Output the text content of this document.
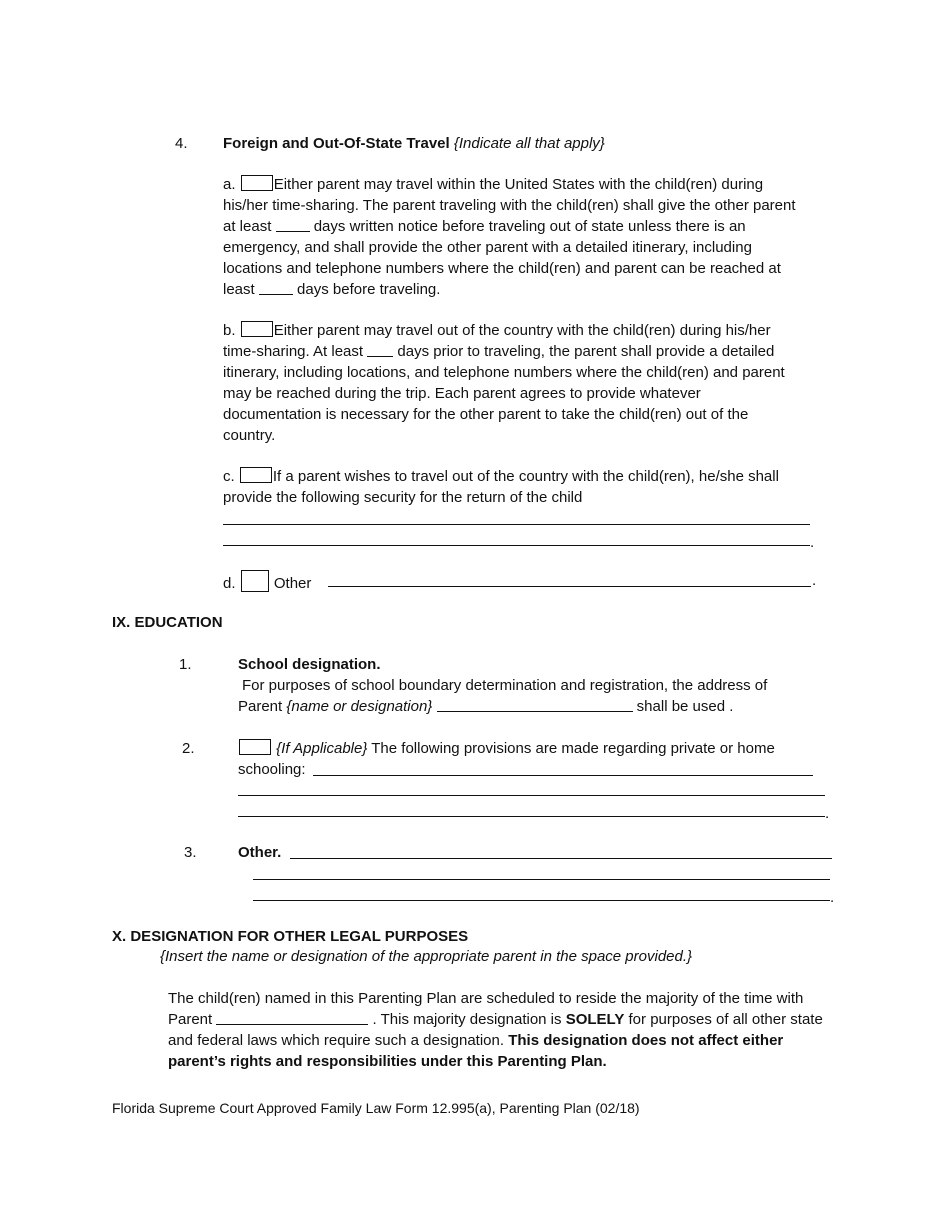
4. Foreign and Out-Of-State Travel {Indicate all that apply}
a.	Either parent may travel within the United States with the child(ren) during
his/her time-sharing. The parent traveling with the child(ren) shall give the other parent
at least	days written notice before traveling out of state unless there is an
emergency, and shall provide the other parent with a detailed itinerary, including
locations and telephone numbers where the child(ren) and parent can be reached at
least	days before traveling.
b.	Either parent may travel out of the country with the child(ren) during his/her
time-sharing. At least days prior to traveling, the parent shall provide a detailed
itinerary, including locations, and telephone numbers where the child(ren) and parent
may be reached during the trip. Each parent agrees to provide whatever
documentation is necessary for the other parent to take the child(ren) out of the
country.
c.	If a parent wishes to travel out of the country with the child(ren), he/she shall
provide the following security for the return of the child
.
d.	Other	.
IX. EDUCATION
1.	School designation.
For purposes of school boundary determination and registration, the address of
Parent {name or designation}	shall be used .
2.	{If Applicable} The following provisions are made regarding private or home
schooling:
.
3.	Other.
.
X. DESIGNATION FOR OTHER LEGAL PURPOSES
{Insert the name or designation of the appropriate parent in the space provided.}
The child(ren) named in this Parenting Plan are scheduled to reside the majority of the time with
Parent	. This majority designation is SOLELY for purposes of all other state
and federal laws which require such a designation. This designation does not affect either
parent’s rights and responsibilities under this Parenting Plan.
Florida Supreme Court Approved Family Law Form 12.995(a), Parenting Plan (02/18)
